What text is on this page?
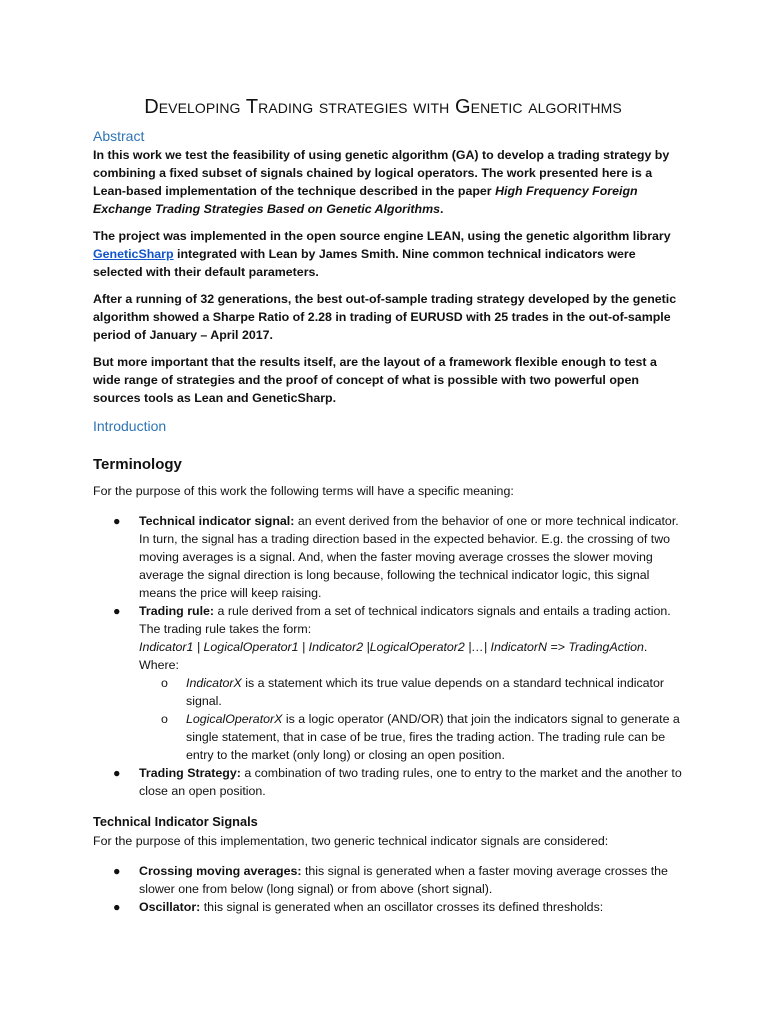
Developing Trading strategies with Genetic algorithms
Abstract

In this work we test the feasibility of using genetic algorithm (GA) to develop a trading strategy by combining a fixed subset of signals chained by logical operators. The work presented here is a Lean-based implementation of the technique described in the paper High Frequency Foreign Exchange Trading Strategies Based on Genetic Algorithms.

The project was implemented in the open source engine LEAN, using the genetic algorithm library GeneticSharp integrated with Lean by James Smith. Nine common technical indicators were selected with their default parameters.

After a running of 32 generations, the best out-of-sample trading strategy developed by the genetic algorithm showed a Sharpe Ratio of 2.28 in trading of EURUSD with 25 trades in the out-of-sample period of January – April 2017.

But more important that the results itself, are the layout of a framework flexible enough to test a wide range of strategies and the proof of concept of what is possible with two powerful open sources tools as Lean and GeneticSharp.

Introduction
Terminology

For the purpose of this work the following terms will have a specific meaning:

● Technical indicator signal: an event derived from the behavior of one or more technical indicator. In turn, the signal has a trading direction based in the expected behavior. E.g. the crossing of two moving averages is a signal. And, when the faster moving average crosses the slower moving average the signal direction is long because, following the technical indicator logic, this signal means the price will keep raising.
● Trading rule: a rule derived from a set of technical indicators signals and entails a trading action. The trading rule takes the form:
Indicator1 | LogicalOperator1 | Indicator2 |LogicalOperator2 |…| IndicatorN => TradingAction.
Where:
o IndicatorX is a statement which its true value depends on a standard technical indicator signal.
o LogicalOperatorX is a logic operator (AND/OR) that join the indicators signal to generate a single statement, that in case of be true, fires the trading action. The trading rule can be entry to the market (only long) or closing an open position.
● Trading Strategy: a combination of two trading rules, one to entry to the market and the another to close an open position.
Technical Indicator Signals

For the purpose of this implementation, two generic technical indicator signals are considered:

● Crossing moving averages: this signal is generated when a faster moving average crosses the slower one from below (long signal) or from above (short signal).
● Oscillator: this signal is generated when an oscillator crosses its defined thresholds:
